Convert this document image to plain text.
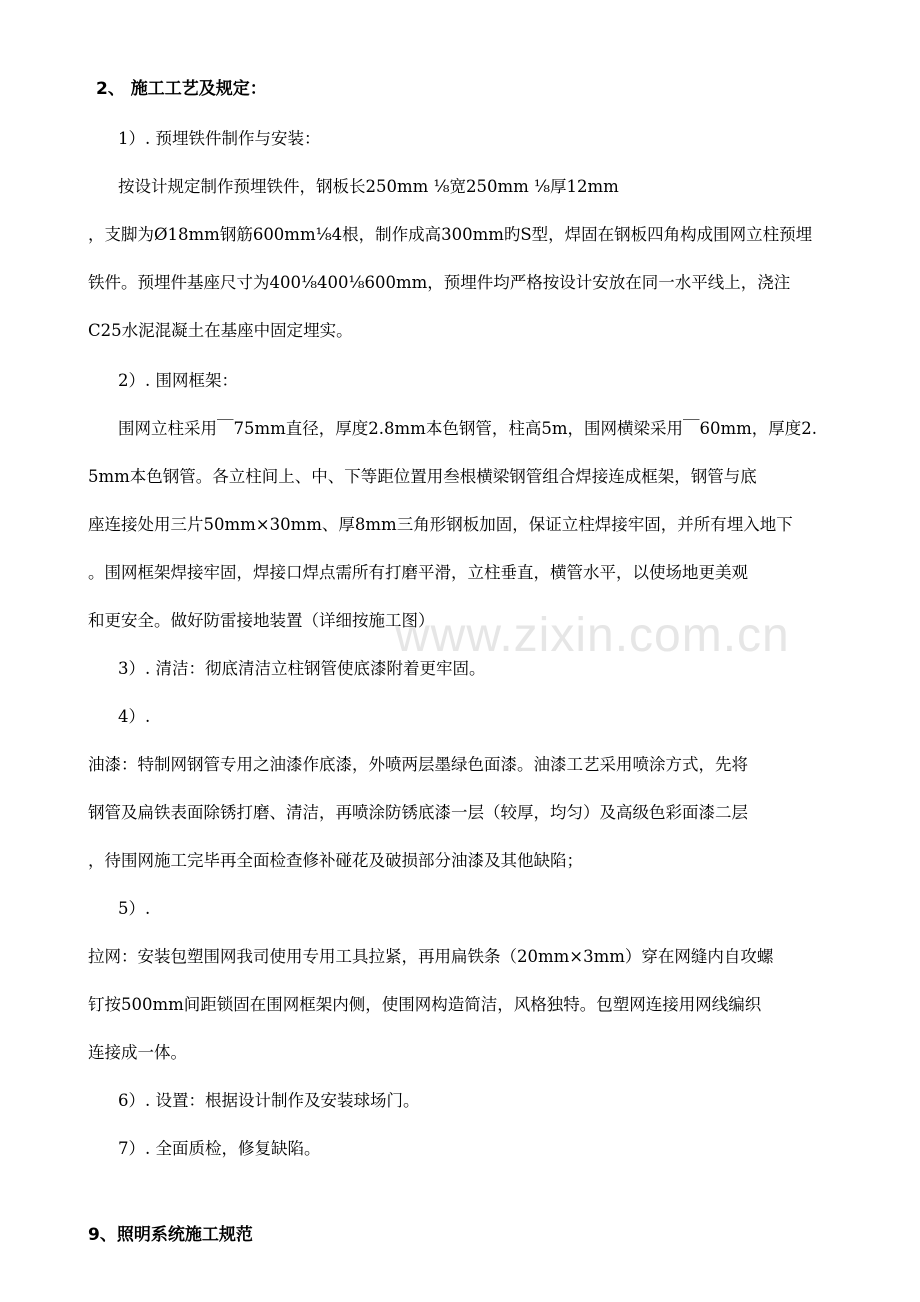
www.zixin.com.cn
2、 施工工艺及规定：
1）. 预埋铁件制作与安装：
按设计规定制作预埋铁件，钢板长250mm ⅛宽250mm ⅛厚12mm
，支脚为Ø18mm钢筋600mm⅛4根，制作成高300mm旳S型，焊固在钢板四角构成围网立柱预埋
铁件。预埋件基座尺寸为400⅛400⅛600mm，预埋件均严格按设计安放在同一水平线上，浇注
C25水泥混凝土在基座中固定埋实。
2）. 围网框架：
围网立柱采用￣75mm直径，厚度2.8mm本色钢管，柱高5m，围网横梁采用￣60mm，厚度2.
5mm本色钢管。各立柱间上、中、下等距位置用叁根横梁钢管组合焊接连成框架，钢管与底
座连接处用三片50mm×30mm、厚8mm三角形钢板加固，保证立柱焊接牢固，并所有埋入地下
。围网框架焊接牢固，焊接口焊点需所有打磨平滑，立柱垂直，横管水平，以使场地更美观
和更安全。做好防雷接地装置（详细按施工图）
3）. 清洁：彻底清洁立柱钢管使底漆附着更牢固。
4）.
油漆：特制网钢管专用之油漆作底漆，外喷两层墨绿色面漆。油漆工艺采用喷涂方式，先将
钢管及扁铁表面除锈打磨、清洁，再喷涂防锈底漆一层（较厚，均匀）及高级色彩面漆二层
，待围网施工完毕再全面检查修补碰花及破损部分油漆及其他缺陷；
5）.
拉网：安装包塑围网我司使用专用工具拉紧，再用扁铁条（20mm×3mm）穿在网缝内自攻螺
钉按500mm间距锁固在围网框架内侧，使围网构造简洁，风格独特。包塑网连接用网线编织
连接成一体。
6）. 设置：根据设计制作及安装球场门。
7）. 全面质检，修复缺陷。
9、照明系统施工规范
